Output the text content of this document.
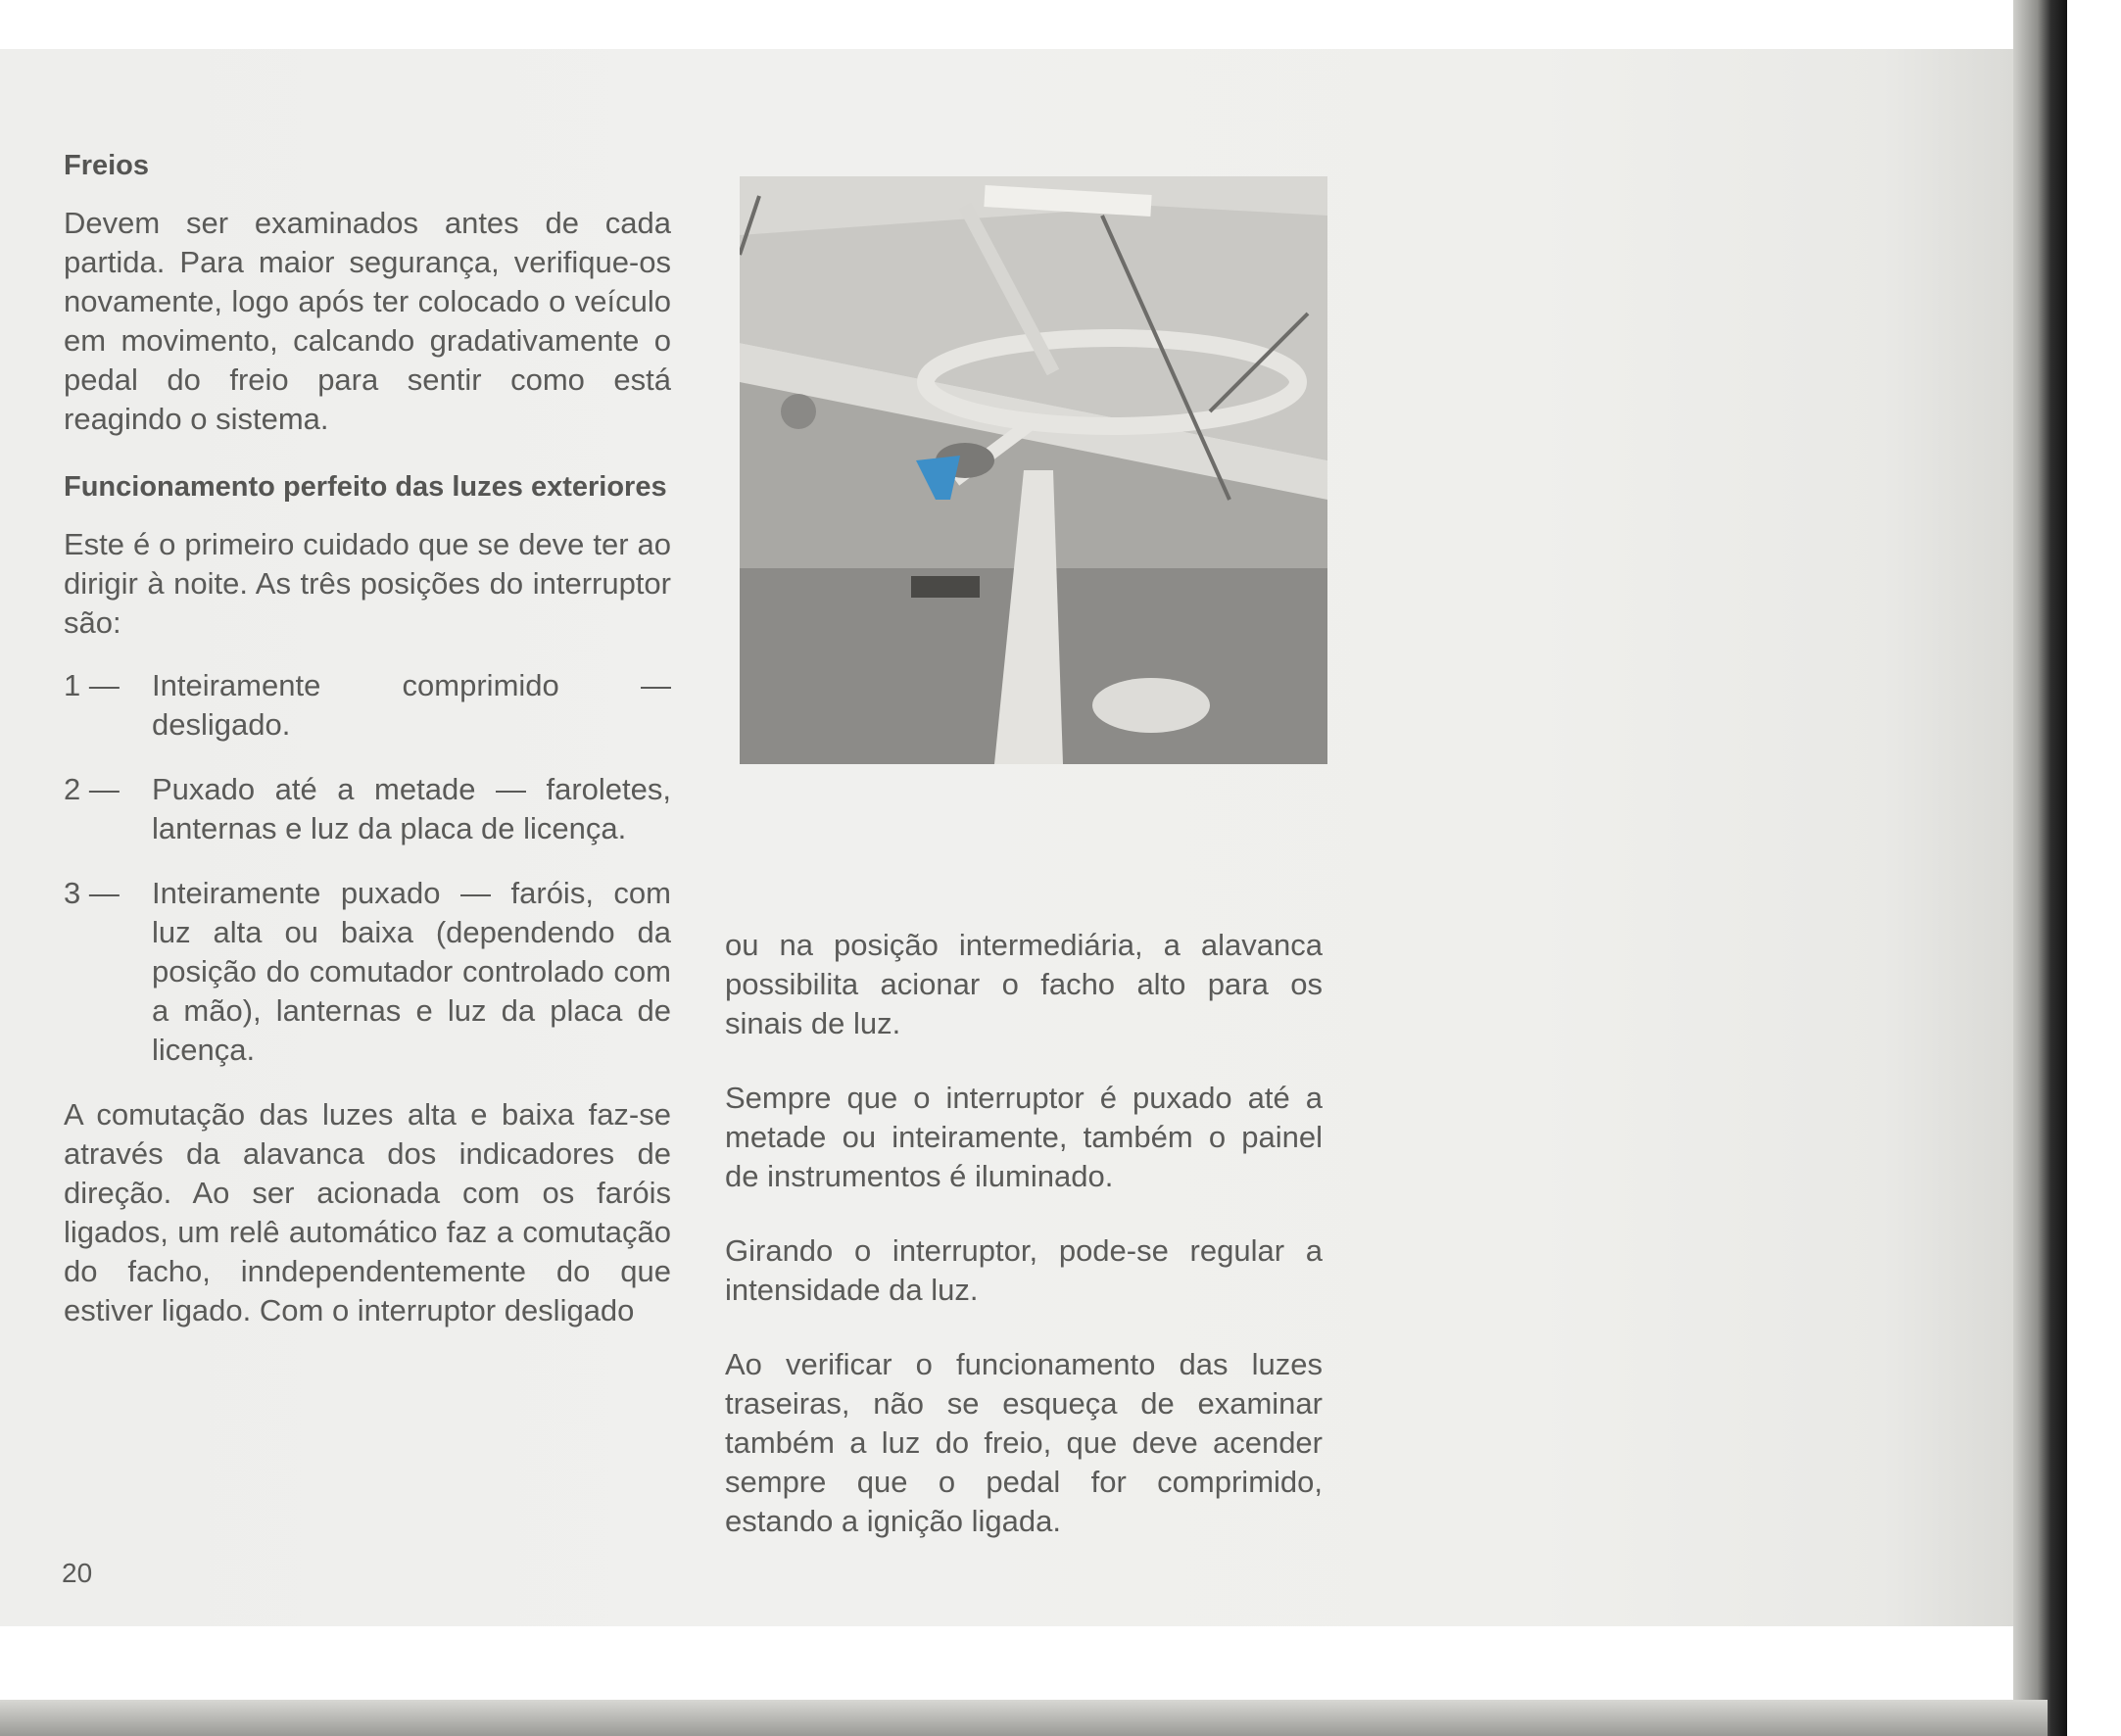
Freios

Devem ser examinados antes de cada partida. Para maior segurança, verifique-os novamente, logo após ter colocado o veículo em movimento, calcando gradativamente o pedal do freio para sentir como está reagindo o sistema.

Funcionamento perfeito das luzes exteriores

Este é o primeiro cuidado que se deve ter ao dirigir à noite. As três posições do interruptor são:

1 —	Inteiramente comprimido — desligado.
2 —	Puxado até a metade — faroletes, lanternas e luz da placa de licença.
3 —	Inteiramente puxado — faróis, com luz alta ou baixa (dependendo da posição do comutador controlado com a mão), lanternas e luz da placa de licença.

A comutação das luzes alta e baixa faz-se através da alavanca dos indicadores de direção. Ao ser acionada com os faróis ligados, um relê automático faz a comutação do facho, inndependentemente do que estiver ligado. Com o interruptor desligado

ou na posição intermediária, a alavanca possibilita acionar o facho alto para os sinais de luz.

Sempre que o interruptor é puxado até a metade ou inteiramente, também o painel de instrumentos é iluminado.

Girando o interruptor, pode-se regular a intensidade da luz.

Ao verificar o funcionamento das luzes traseiras, não se esqueça de examinar também a luz do freio, que deve acender sempre que o pedal for comprimido, estando a ignição ligada.

20
